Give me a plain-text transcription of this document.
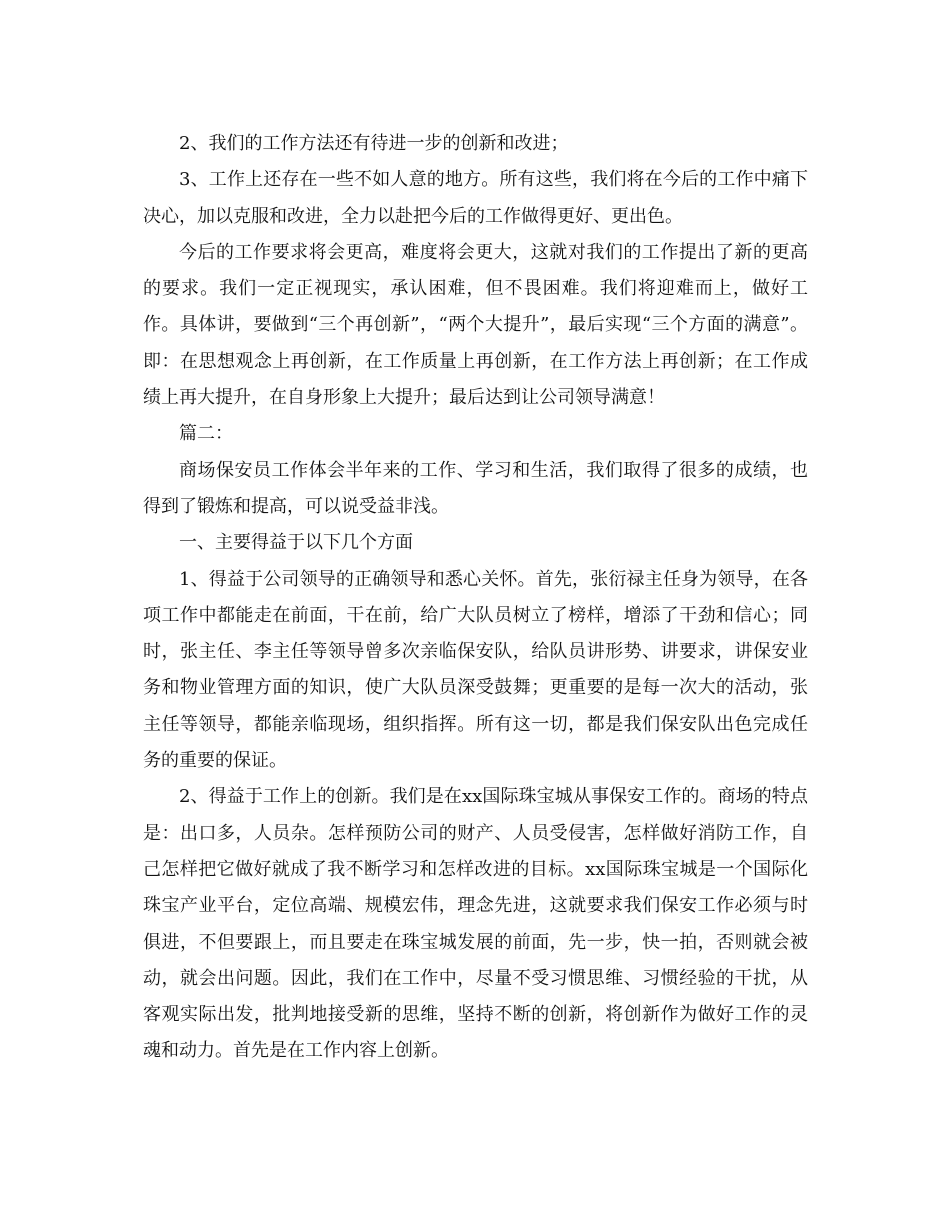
2、我们的工作方法还有待进一步的创新和改进；

3、工作上还存在一些不如人意的地方。所有这些，我们将在今后的工作中痛下决心，加以克服和改进，全力以赴把今后的工作做得更好、更出色。

今后的工作要求将会更高，难度将会更大，这就对我们的工作提出了新的更高的要求。我们一定正视现实，承认困难，但不畏困难。我们将迎难而上，做好工作。具体讲，要做到“三个再创新”，“两个大提升”，最后实现“三个方面的满意”。即：在思想观念上再创新，在工作质量上再创新，在工作方法上再创新；在工作成绩上再大提升，在自身形象上大提升；最后达到让公司领导满意！

篇二：

商场保安员工作体会半年来的工作、学习和生活，我们取得了很多的成绩，也得到了锻炼和提高，可以说受益非浅。

一、主要得益于以下几个方面

1、得益于公司领导的正确领导和悉心关怀。首先，张衍禄主任身为领导，在各项工作中都能走在前面，干在前，给广大队员树立了榜样，增添了干劲和信心；同时，张主任、李主任等领导曾多次亲临保安队，给队员讲形势、讲要求，讲保安业务和物业管理方面的知识，使广大队员深受鼓舞；更重要的是每一次大的活动，张主任等领导，都能亲临现场，组织指挥。所有这一切，都是我们保安队出色完成任务的重要的保证。

2、得益于工作上的创新。我们是在xx国际珠宝城从事保安工作的。商场的特点是：出口多，人员杂。怎样预防公司的财产、人员受侵害，怎样做好消防工作，自己怎样把它做好就成了我不断学习和怎样改进的目标。xx国际珠宝城是一个国际化珠宝产业平台，定位高端、规模宏伟，理念先进，这就要求我们保安工作必须与时俱进，不但要跟上，而且要走在珠宝城发展的前面，先一步，快一拍，否则就会被动，就会出问题。因此，我们在工作中，尽量不受习惯思维、习惯经验的干扰，从客观实际出发，批判地接受新的思维，坚持不断的创新，将创新作为做好工作的灵魂和动力。首先是在工作内容上创新。
